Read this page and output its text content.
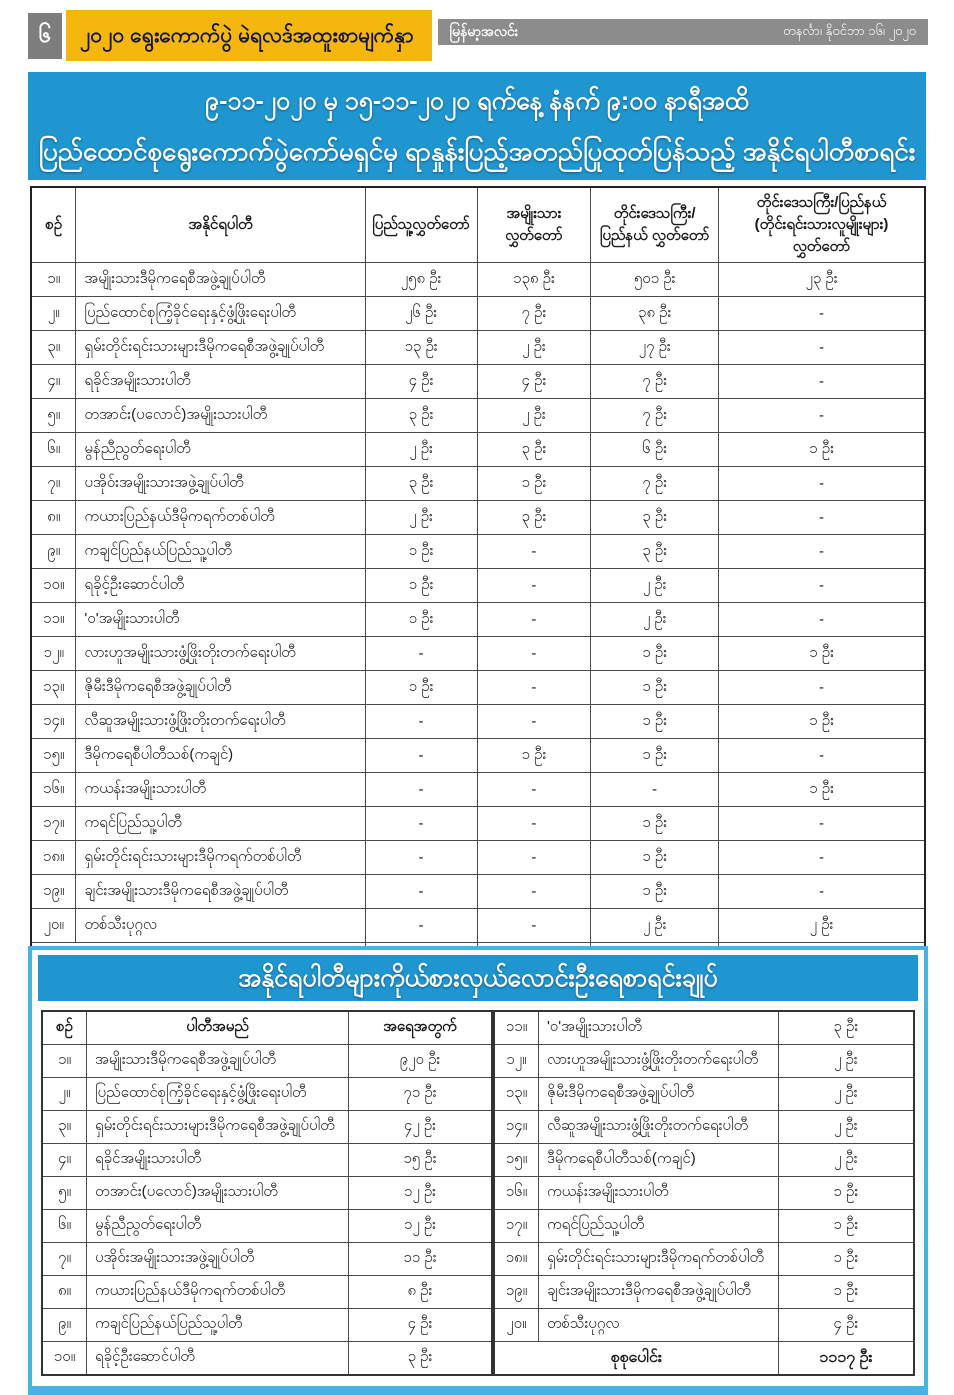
၆	၂၀၂၀ ရွေးကောက်ပွဲ မဲရလဒ်အထူးစာမျက်နှာ	မြန်မာ့အလင်း	တနင်္လာ၊ နိုဝင်ဘာ ၁၆၊ ၂၀၂၀
၉-၁၁-၂၀၂၀ မှ ၁၅-၁၁-၂၀၂၀ ရက်နေ့ နံနက် ၉:၀၀ နာရီအထိ
ပြည်ထောင်စုရွေးကောက်ပွဲကော်မရှင်မှ ရာနှုန်းပြည့်အတည်ပြုထုတ်ပြန်သည့် အနိုင်ရပါတီစာရင်း
စဉ်	အနိုင်ရပါတီ	ပြည်သူ့လွှတ်တော်	အမျိုးသားလွှတ်တော်	တိုင်းဒေသကြီး/ပြည်နယ် လွှတ်တော်	တိုင်းဒေသကြီး/ပြည်နယ် (တိုင်းရင်းသားလူမျိုးများ) လွှတ်တော်
၁။	အမျိုးသားဒီမိုကရေစီအဖွဲ့ချုပ်ပါတီ	၂၅၈ ဦး	၁၃၈ ဦး	၅၀၁ ဦး	၂၃ ဦး
၂။	ပြည်ထောင်စုကြံ့ခိုင်ရေးနှင့်ဖွံ့ဖြိုးရေးပါတီ	၂၆ ဦး	၇ ဦး	၃၈ ဦး	-
၃။	ရှမ်းတိုင်းရင်းသားများဒီမိုကရေစီအဖွဲ့ချုပ်ပါတီ	၁၃ ဦး	၂ ဦး	၂၇ ဦး	-
၄။	ရခိုင်အမျိုးသားပါတီ	၄ ဦး	၄ ဦး	၇ ဦး	-
၅။	တအာင်း(ပလောင်)အမျိုးသားပါတီ	၃ ဦး	၂ ဦး	၇ ဦး	-
၆။	မွန်ညီညွတ်ရေးပါတီ	၂ ဦး	၃ ဦး	၆ ဦး	၁ ဦး
၇။	ပအိုဝ်းအမျိုးသားအဖွဲ့ချုပ်ပါတီ	၃ ဦး	၁ ဦး	၇ ဦး	-
၈။	ကယားပြည်နယ်ဒီမိုကရက်တစ်ပါတီ	၂ ဦး	၃ ဦး	၃ ဦး	-
၉။	ကချင်ပြည်နယ်ပြည်သူ့ပါတီ	၁ ဦး	-	၃ ဦး	-
၁၀။	ရခိုင့်ဦးဆောင်ပါတီ	၁ ဦး	-	၂ ဦး	-
၁၁။	'ဝ'အမျိုးသားပါတီ	၁ ဦး	-	၂ ဦး	-
၁၂။	လားဟူအမျိုးသားဖွံ့ဖြိုးတိုးတက်ရေးပါတီ	-	-	၁ ဦး	၁ ဦး
၁၃။	ဇိုမီးဒီမိုကရေစီအဖွဲ့ချုပ်ပါတီ	၁ ဦး	-	၁ ဦး	-
၁၄။	လီဆူအမျိုးသားဖွံ့ဖြိုးတိုးတက်ရေးပါတီ	-	-	၁ ဦး	၁ ဦး
၁၅။	ဒီမိုကရေစီပါတီသစ်(ကချင်)	-	၁ ဦး	၁ ဦး	-
၁၆။	ကယန်းအမျိုးသားပါတီ	-	-	-	၁ ဦး
၁၇။	ကရင်ပြည်သူ့ပါတီ	-	-	၁ ဦး	-
၁၈။	ရှမ်းတိုင်းရင်းသားများဒီမိုကရက်တစ်ပါတီ	-	-	၁ ဦး	-
၁၉။	ချင်းအမျိုးသားဒီမိုကရေစီအဖွဲ့ချုပ်ပါတီ	-	-	၁ ဦး	-
၂၀။	တစ်သီးပုဂ္ဂလ	-	-	၂ ဦး	၂ ဦး

အနိုင်ရပါတီများကိုယ်စားလှယ်လောင်းဦးရေစာရင်းချုပ်
စဉ်	ပါတီအမည်	အရေအတွက်
၁။	အမျိုးသားဒီမိုကရေစီအဖွဲ့ချုပ်ပါတီ	၉၂၀ ဦး
၂။	ပြည်ထောင်စုကြံ့ခိုင်ရေးနှင့်ဖွံ့ဖြိုးရေးပါတီ	၇၁ ဦး
၃။	ရှမ်းတိုင်းရင်းသားများဒီမိုကရေစီအဖွဲ့ချုပ်ပါတီ	၄၂ ဦး
၄။	ရခိုင်အမျိုးသားပါတီ	၁၅ ဦး
၅။	တအာင်း(ပလောင်)အမျိုးသားပါတီ	၁၂ ဦး
၆။	မွန်ညီညွတ်ရေးပါတီ	၁၂ ဦး
၇။	ပအိုဝ်းအမျိုးသားအဖွဲ့ချုပ်ပါတီ	၁၁ ဦး
၈။	ကယားပြည်နယ်ဒီမိုကရက်တစ်ပါတီ	၈ ဦး
၉။	ကချင်ပြည်နယ်ပြည်သူ့ပါတီ	၄ ဦး
၁၀။	ရခိုင့်ဦးဆောင်ပါတီ	၃ ဦး
၁၁။	'ဝ'အမျိုးသားပါတီ	၃ ဦး
၁၂။	လားဟူအမျိုးသားဖွံ့ဖြိုးတိုးတက်ရေးပါတီ	၂ ဦး
၁၃။	ဇိုမီးဒီမိုကရေစီအဖွဲ့ချုပ်ပါတီ	၂ ဦး
၁၄။	လီဆူအမျိုးသားဖွံ့ဖြိုးတိုးတက်ရေးပါတီ	၂ ဦး
၁၅။	ဒီမိုကရေစီပါတီသစ်(ကချင်)	၂ ဦး
၁၆။	ကယန်းအမျိုးသားပါတီ	၁ ဦး
၁၇။	ကရင်ပြည်သူ့ပါတီ	၁ ဦး
၁၈။	ရှမ်းတိုင်းရင်းသားများဒီမိုကရက်တစ်ပါတီ	၁ ဦး
၁၉။	ချင်းအမျိုးသားဒီမိုကရေစီအဖွဲ့ချုပ်ပါတီ	၁ ဦး
၂၀။	တစ်သီးပုဂ္ဂလ	၄ ဦး
စုစုပေါင်း		၁၁၁၇ ဦး
